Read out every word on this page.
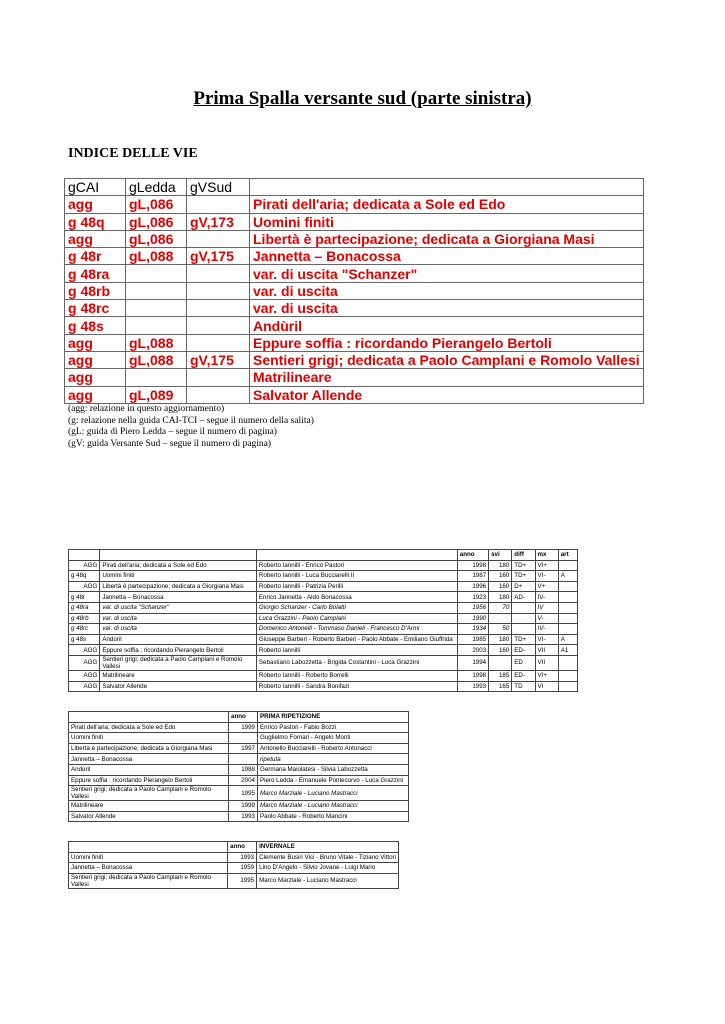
Prima Spalla versante sud (parte sinistra)
INDICE DELLE VIE
gCAI	gLedda	gVSud	
agg	gL,086		Pirati dell'aria; dedicata a Sole ed Edo
g 48q	gL,086	gV,173	Uomini finiti
agg	gL,086		Libertà è partecipazione; dedicata a Giorgiana Masi
g 48r	gL,088	gV,175	Jannetta – Bonacossa
g 48ra			var. di uscita "Schanzer"
g 48rb			var. di uscita
g 48rc			var. di uscita
g 48s			Andùril
agg	gL,088		Eppure soffia : ricordando Pierangelo Bertoli
agg	gL,088	gV,175	Sentieri grigi; dedicata a Paolo Camplani e Romolo Vallesi
agg			Matrilineare
agg	gL,089		Salvator Allende
(agg: relazione in questo aggiornamento)
(g: relazione nella guida CAI-TCI – segue il numero della salita)
(gL: guida di Piero Ledda – segue il numero di pagina)
(gV: guida Versante Sud – segue il numero di pagina)
			anno	svi	diff	mx	art
AGG	Pirati dell'aria; dedicata a Sole ed Edo	Roberto Iannilli - Enrico Pastori	1998	180	TD+	VI+	
g 48q	Uomini finiti	Roberto Iannilli - Luca Bucciarelli II	1987	160	TD+	VI-	A
AGG	Libertà è partecipazione; dedicata a Giorgiana Masi	Roberto Iannilli - Patrizia Perilli	1996	160	D+	V+	
g 48r	Jannetta – Bonacossa	Enrico Jannetta - Aldo Bonacossa	1923	180	AD-	IV-	
g 48ra	var. di uscita "Schanzer"	Giorgio Schanzer - Carlo Bolatti	1956	70		IV	
g 48rb	var. di uscita	Luca Grazzini - Paolo Camplani	1990			V-	
g 48rc	var. di uscita	Domenico Antonelli - Tommaso Danieli - Francesco D'Armi	1934	50		IV-	
g 48s	Andùril	Giuseppe Barberi - Roberto Barberi - Paolo Abbate - Emiliano Giuffrida	1985	180	TD+	VI-	A
AGG	Eppure soffia : ricordando Pierangelo Bertoli	Roberto Iannilli	2003	160	ED-	VII	A1
AGG	Sentieri grigi; dedicata a Paolo Camplani e Romolo Vallesi	Sebastiano Labozzetta - Brigida Costantini - Luca Grazzini	1994		ED	VII	
AGG	Matrilineare	Roberto Iannilli - Roberto Borrelli	1998	185	ED-	VI+	
AGG	Salvator Allende	Roberto Iannilli - Sandra Bonifazi	1993	165	TD	VI	
	anno	PRIMA RIPETIZIONE
Pirati dell'aria; dedicata a Sole ed Edo	1999	Enrico Pastori - Fabio Bozzi
Uomini finiti		Guglielmo Fornari - Angelo Monti
Libertà è partecipazione; dedicata a Giorgiana Masi	1997	Antonello Bucciarelli - Roberto Antonacci
Jannetta – Bonacossa		ripetuta
Andùril	1988	Germana Maiolatesi - Silvia Labozzetta
Eppure soffia : ricordando Pierangelo Bertoli	2004	Piero Ledda - Emanuele Pontecorvo - Luca Grazzini
Sentieri grigi; dedicata a Paolo Camplani e Romolo Vallesi	1995	Marco Marziale - Luciano Mastracci
Matrilineare	1999	Marco Marziale - Luciano Mastracci
Salvator Allende	1993	Paolo Abbate - Roberto Mancini
	anno	INVERNALE
Uomini finiti	1993	Clemente Busiri Vici - Bruno Vitale - Tiziano Vittori
Jannetta – Bonacossa	1959	Lino D'Angelo - Silvio Jovane - Luigi Mario
Sentieri grigi; dedicata a Paolo Camplani e Romolo Vallesi	1995	Marco Marziale - Luciano Mastracci
